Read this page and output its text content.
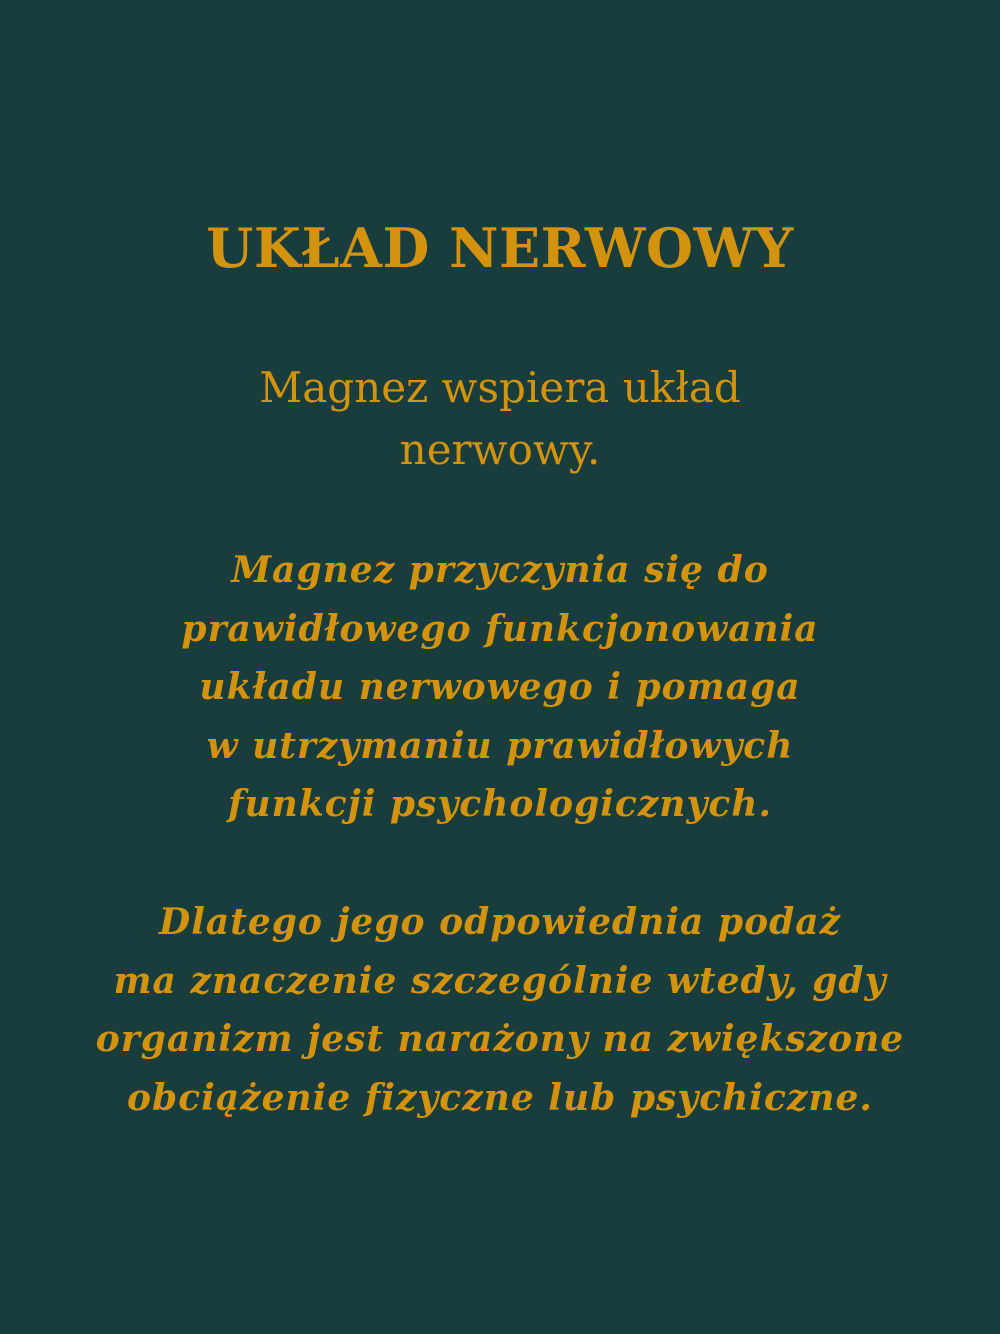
UKŁAD NERWOWY

Magnez wspiera układ
nerwowy.

Magnez przyczynia się do
prawidłowego funkcjonowania
układu nerwowego i pomaga
w utrzymaniu prawidłowych
funkcji psychologicznych.

Dlatego jego odpowiednia podaż
ma znaczenie szczególnie wtedy, gdy
organizm jest narażony na zwiększone
obciążenie fizyczne lub psychiczne.
